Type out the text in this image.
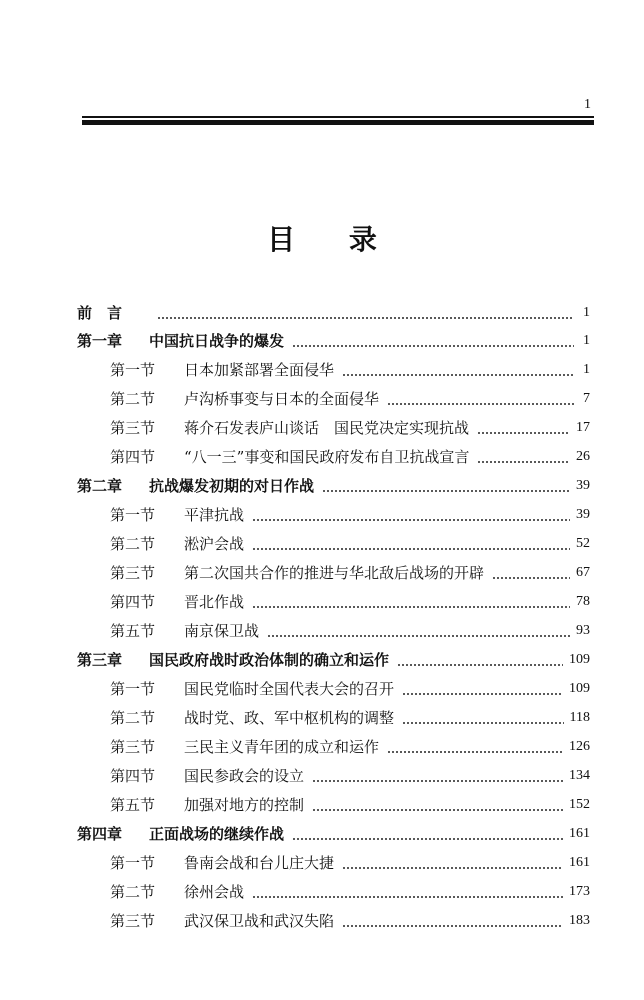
1
目 录
前　言	1
第一章	中国抗日战争的爆发	1
第一节	日本加紧部署全面侵华	1
第二节	卢沟桥事变与日本的全面侵华	7
第三节	蒋介石发表庐山谈话　国民党决定实现抗战	17
第四节	“八一三”事变和国民政府发布自卫抗战宣言	26
第二章	抗战爆发初期的对日作战	39
第一节	平津抗战	39
第二节	淞沪会战	52
第三节	第二次国共合作的推进与华北敌后战场的开辟	67
第四节	晋北作战	78
第五节	南京保卫战	93
第三章	国民政府战时政治体制的确立和运作	109
第一节	国民党临时全国代表大会的召开	109
第二节	战时党、政、军中枢机构的调整	118
第三节	三民主义青年团的成立和运作	126
第四节	国民参政会的设立	134
第五节	加强对地方的控制	152
第四章	正面战场的继续作战	161
第一节	鲁南会战和台儿庄大捷	161
第二节	徐州会战	173
第三节	武汉保卫战和武汉失陷	183
